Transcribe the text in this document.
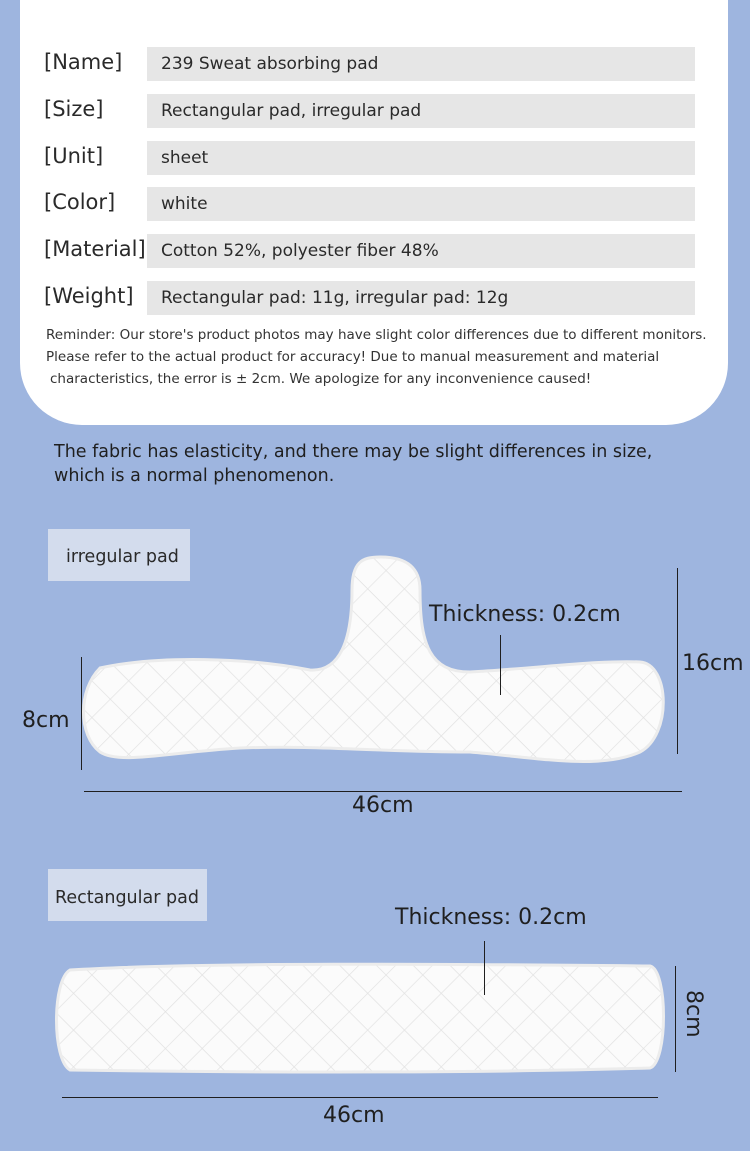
[Name]	239 Sweat absorbing pad
[Size]	Rectangular pad, irregular pad
[Unit]	sheet
[Color]	white
[Material] Cotton 52%, polyester fiber 48%
[Weight]	Rectangular pad: 11g, irregular pad: 12g
Reminder: Our store's product photos may have slight color differences due to different monitors.
Please refer to the actual product for accuracy! Due to manual measurement and material
characteristics, the error is ± 2cm. We apologize for any inconvenience caused!
The fabric has elasticity, and there may be slight differences in size,
which is a normal phenomenon.
irregular pad
Thickness: 0.2cm
16cm
8cm
46cm
Rectangular pad
Thickness: 0.2cm
8cm
46cm
